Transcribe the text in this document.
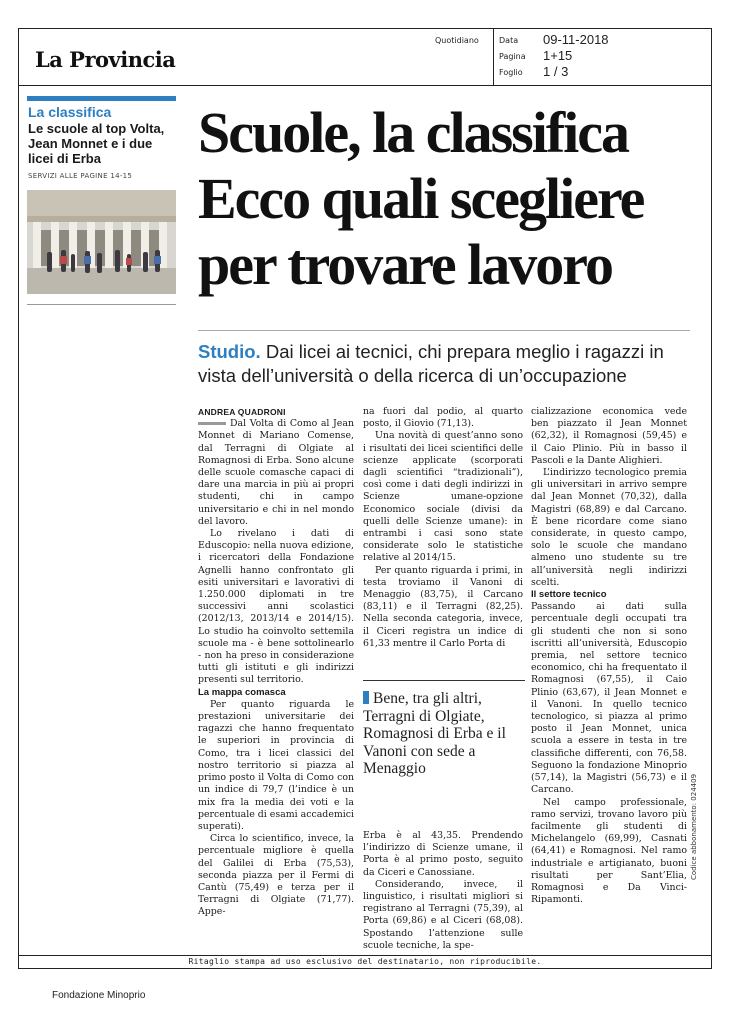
La Provincia
Quotidiano	Data 09-11-2018
Pagina 1+15
Foglio 1 / 3
La classifica
Le scuole al top Volta, Jean Monnet e i due licei di Erba
SERVIZI ALLE PAGINE 14-15
Scuole, la classifica
Ecco quali scegliere
per trovare lavoro
Studio. Dai licei ai tecnici, chi prepara meglio i ragazzi in vista dell’università o della ricerca di un’occupazione

ANDREA QUADRONI

Dal Volta di Como al Jean Monnet di Mariano Comense, dal Terragni di Olgiate al Romagnosi di Erba. Sono alcune delle scuole comasche capaci di dare una marcia in più ai propri studenti, chi in campo universitario e chi in nel mondo del lavoro.

Lo rivelano i dati di Eduscopio: nella nuova edizione, i ricercatori della Fondazione Agnelli hanno confrontato gli esiti universitari e lavorativi di 1.250.000 diplomati in tre successivi anni scolastici (2012/13, 2013/14 e 2014/15). Lo studio ha coinvolto settemila scuole ma - è bene sottolinearlo - non ha preso in considerazione tutti gli istituti e gli indirizzi presenti sul territorio.

La mappa comasca

Per quanto riguarda le prestazioni universitarie dei ragazzi che hanno frequentato le superiori in provincia di Como, tra i licei classici del nostro territorio si piazza al primo posto il Volta di Como con un indice di 79,7 (l’indice è un mix fra la media dei voti e la percentuale di esami accademici superati).

Circa lo scientifico, invece, la percentuale migliore è quella del Galilei di Erba (75,53), seconda piazza per il Fermi di Cantù (75,49) e terza per il Terragni di Olgiate (71,77). Appe-

na fuori dal podio, al quarto posto, il Giovio (71,13).

Una novità di quest’anno sono i risultati dei licei scientifici delle scienze applicate (scorporati dagli scientifici “tradizionali”), così come i dati degli indirizzi in Scienze umane-opzione Economico sociale (divisi da quelli delle Scienze umane): in entrambi i casi sono state considerate solo le statistiche relative al 2014/15.

Per quanto riguarda i primi, in testa troviamo il Vanoni di Menaggio (83,75), il Carcano (83,11) e il Terragni (82,25). Nella seconda categoria, invece, il Ciceri registra un indice di 61,33 mentre il Carlo Porta di

Bene, tra gli altri, Terragni di Olgiate, Romagnosi di Erba e il Vanoni con sede a Menaggio

Erba è al 43,35. Prendendo l’indirizzo di Scienze umane, il Porta è al primo posto, seguito da Ciceri e Canossiane.

Considerando, invece, il linguistico, i risultati migliori si registrano al Terragni (75,39), al Porta (69,86) e al Ciceri (68,08). Spostando l’attenzione sulle scuole tecniche, la spe-

cializzazione economica vede ben piazzato il Jean Monnet (62,32), il Romagnosi (59,45) e il Caio Plinio. Più in basso il Pascoli e la Dante Alighieri.

L’indirizzo tecnologico premia gli universitari in arrivo sempre dal Jean Monnet (70,32), dalla Magistri (68,89) e dal Carcano. È bene ricordare come siano considerate, in questo campo, solo le scuole che mandano almeno uno studente su tre all’università negli indirizzi scelti.

Il settore tecnico

Passando ai dati sulla percentuale degli occupati tra gli studenti che non si sono iscritti all’università, Eduscopio premia, nel settore tecnico economico, chi ha frequentato il Romagnosi (67,55), il Caio Plinio (63,67), il Jean Monnet e il Vanoni. In quello tecnico tecnologico, si piazza al primo posto il Jean Monnet, unica scuola a essere in testa in tre classifiche differenti, con 76,58. Seguono la fondazione Minoprio (57,14), la Magistri (56,73) e il Carcano.

Nel campo professionale, ramo servizi, trovano lavoro più facilmente gli studenti di Michelangelo (69,99), Casnati (64,41) e Romagnosi. Nel ramo industriale e artigianato, buoni risultati per Sant’Elia, Romagnosi e Da Vinci-Ripamonti.

Codice abbonamento: 024409
Ritaglio stampa ad uso esclusivo del destinatario, non riproducibile.
Fondazione Minoprio
